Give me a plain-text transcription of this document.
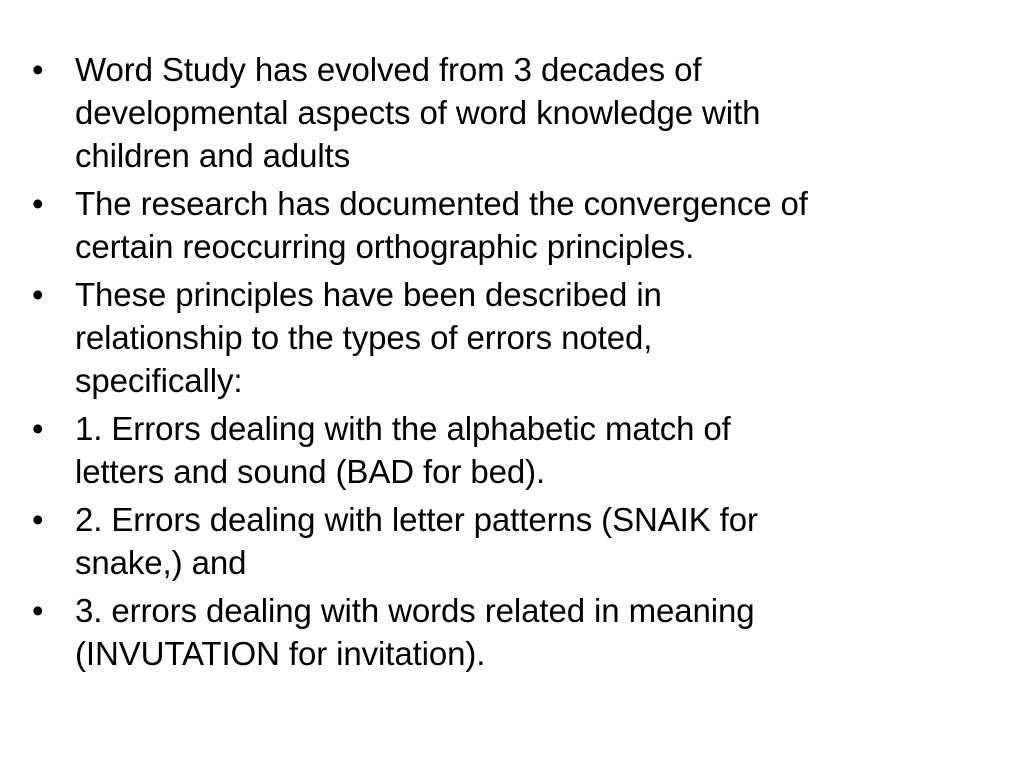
• Word Study has evolved from 3 decades of
developmental aspects of word knowledge with
children and adults
• The research has documented the convergence of
certain reoccurring orthographic principles.
• These principles have been described in
relationship to the types of errors noted,
specifically:
• 1. Errors dealing with the alphabetic match of
letters and sound (BAD for bed).
• 2. Errors dealing with letter patterns (SNAIK for
snake,) and
• 3. errors dealing with words related in meaning
(INVUTATION for invitation).
